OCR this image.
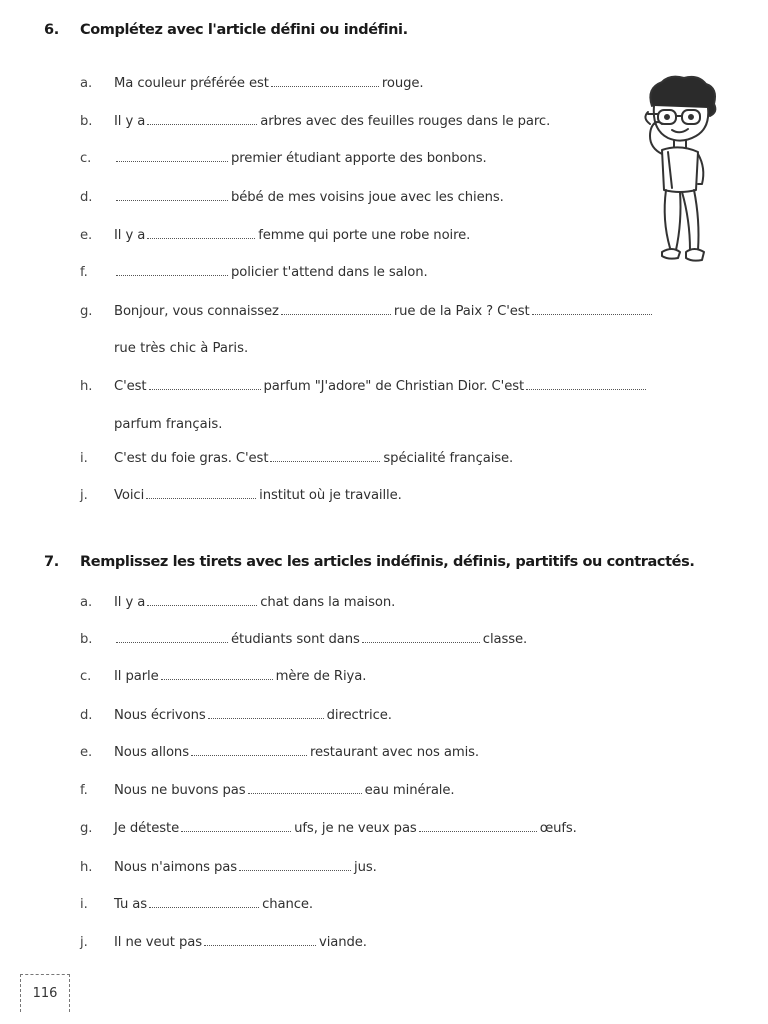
6. Complétez avec l'article défini ou indéfini.
a. Ma couleur préférée est	rouge.
b. Il y a	arbres avec des feuilles rouges dans le parc.
c.	premier étudiant apporte des bonbons.
d.	bébé de mes voisins joue avec les chiens.
e. Il y a	femme qui porte une robe noire.
f.	policier t'attend dans le salon.
g. Bonjour, vous connaissez	rue de la Paix ? C'est
rue très chic à Paris.
h. C'est	parfum "J'adore" de Christian Dior. C'est
parfum français.
i. C'est du foie gras. C'est	spécialité française.
j. Voici	institut où je travaille.
7. Remplissez les tirets avec les articles indéfinis, définis, partitifs ou contractés.
a. Il y a	chat dans la maison.
b.	étudiants sont dans	classe.
c. Il parle	mère de Riya.
d. Nous écrivons	directrice.
e. Nous allons	restaurant avec nos amis.
f. Nous ne buvons pas	eau minérale.
g. Je déteste	ufs, je ne veux pas	œufs.
h. Nous n'aimons pas	jus.
i. Tu as	chance.
j. Il ne veut pas	viande.
116
